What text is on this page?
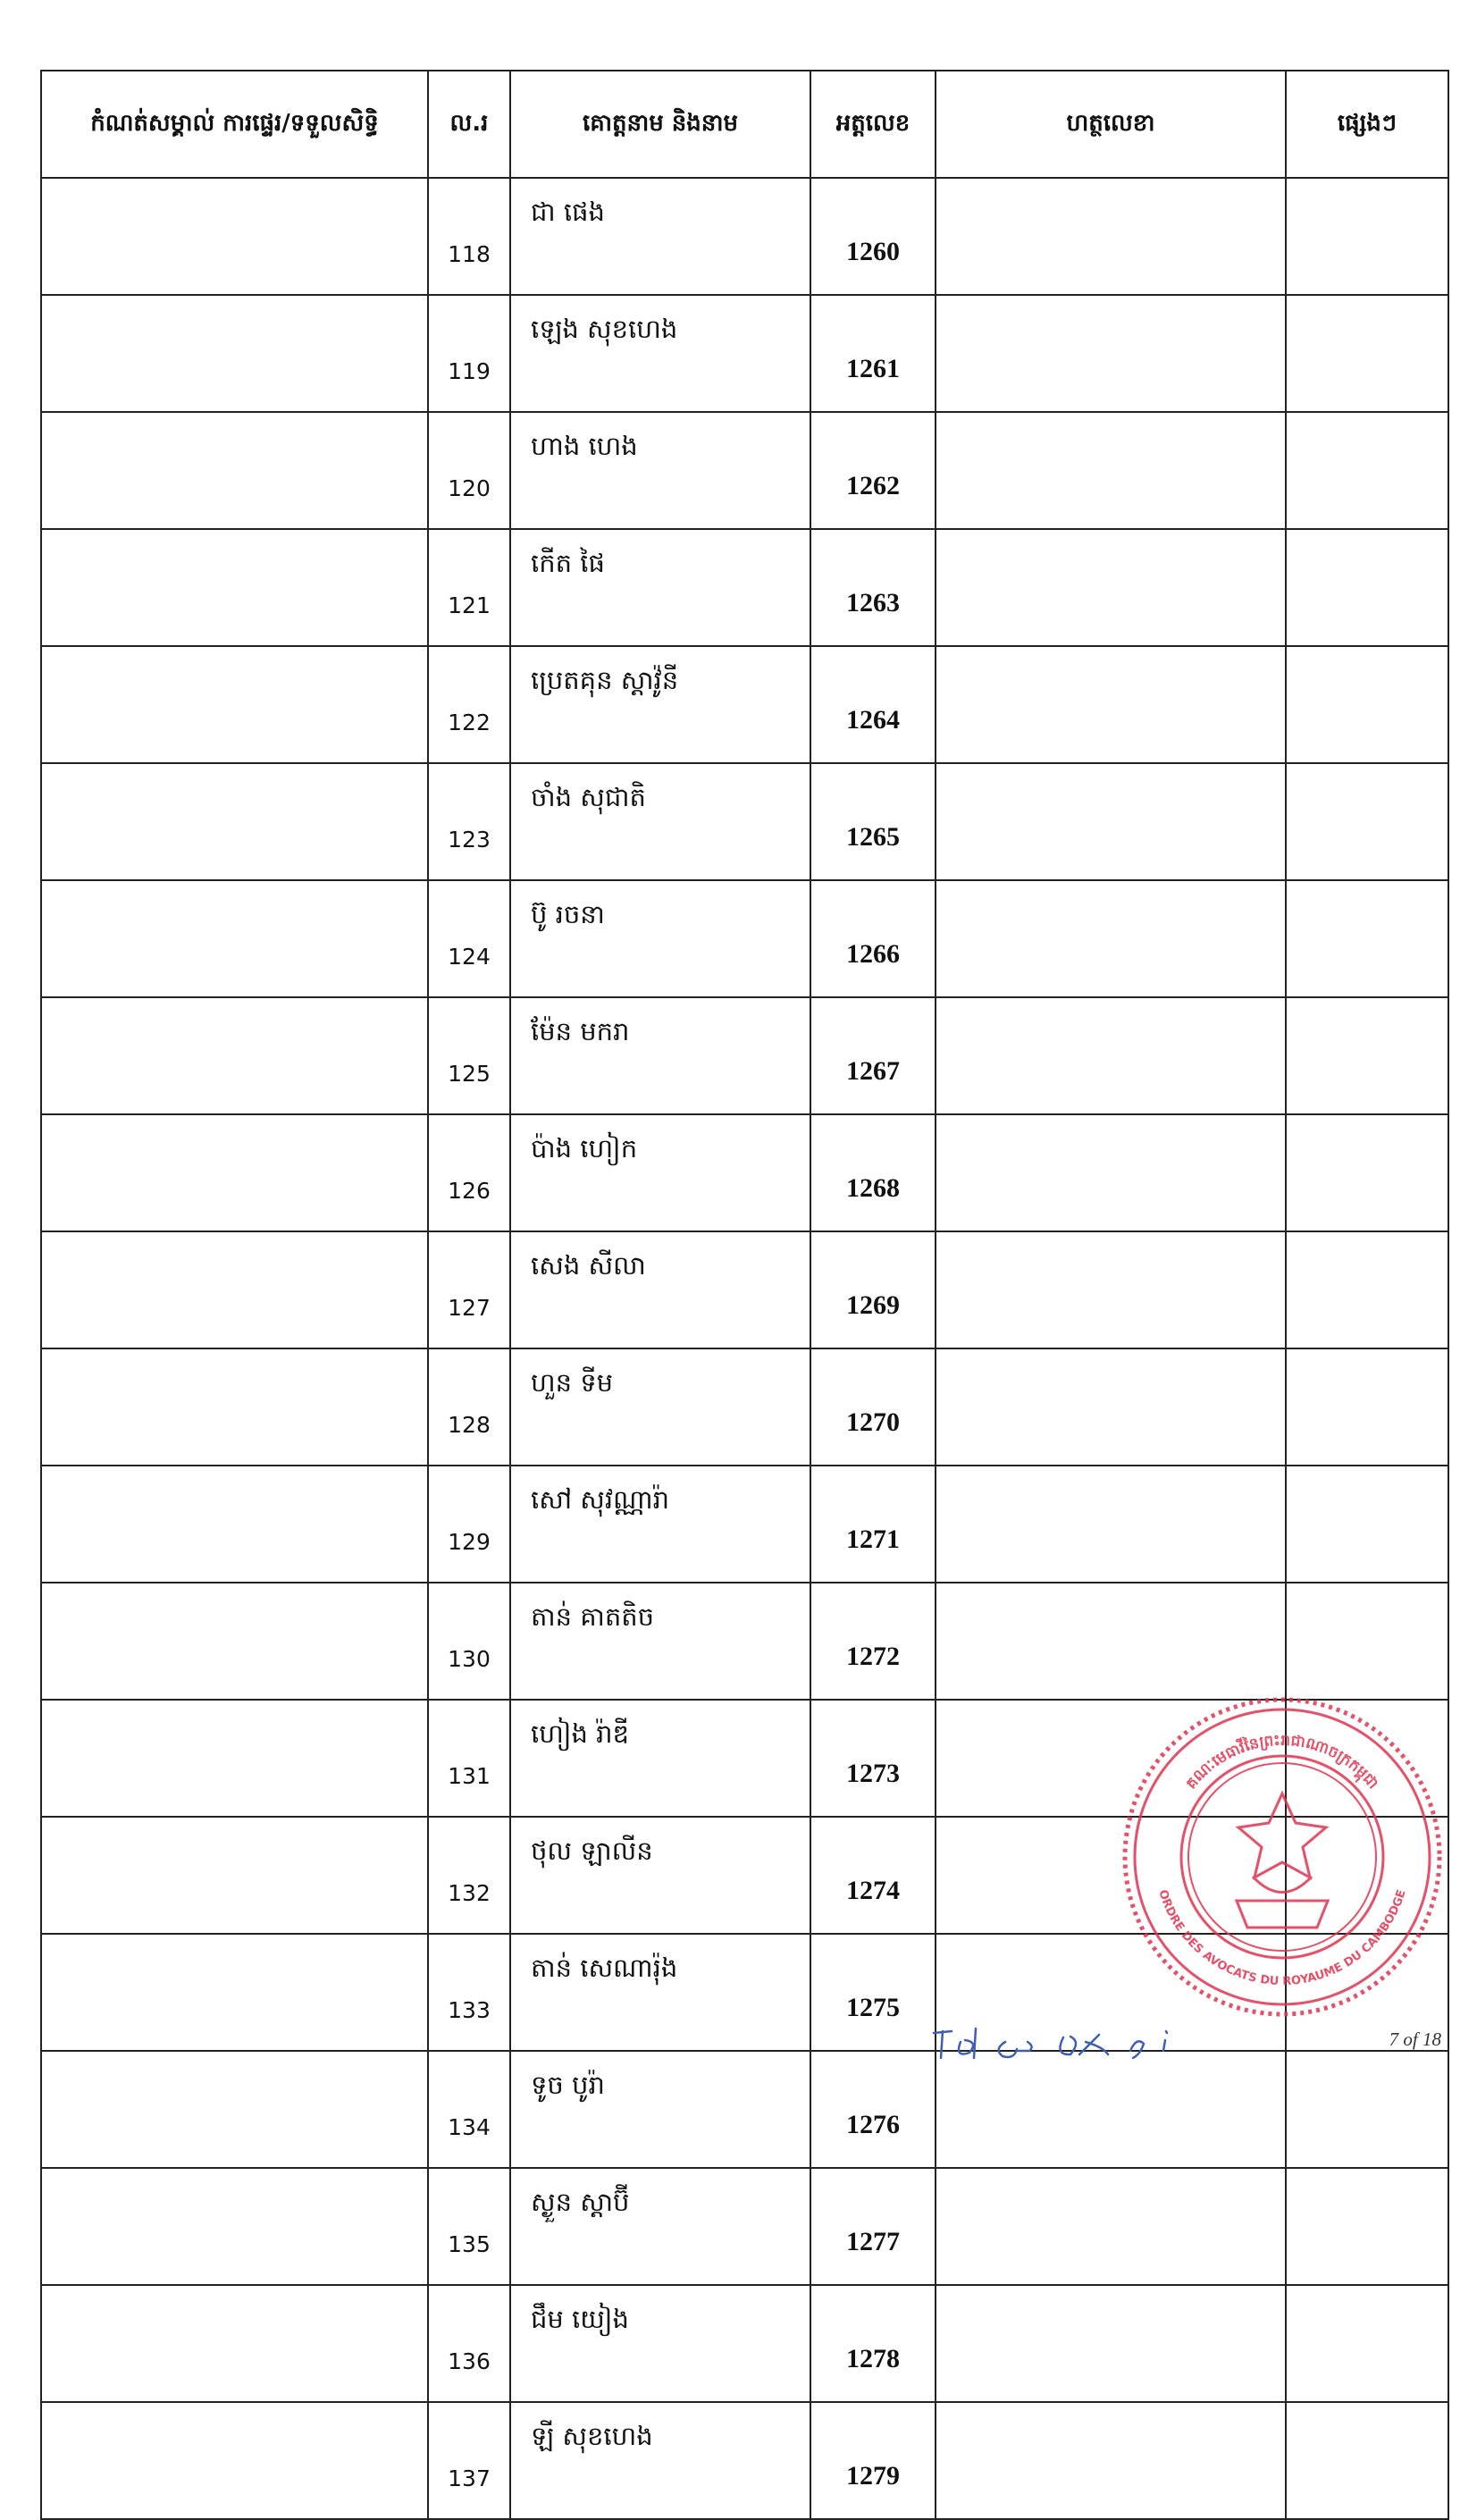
កំណត់សម្គាល់ ការផ្ទេរ/ទទួលសិទ្ធិ	ល.រ	គោត្តនាម និងនាម	អត្តលេខ	ហត្ថលេខា	ផ្សេងៗ
	118	ជា ផេង	1260		
	119	ឡេង សុខហេង	1261		
	120	ហាង ហេង	1262		
	121	កើត ផៃ	1263		
	122	ប្រេតគុន ស្តាវ៉ូនី	1264		
	123	ចាំង សុជាតិ	1265		
	124	ប៊ូ រចនា	1266		
	125	ម៉ែន មករា	1267		
	126	ប៉ាង ហៀក	1268		
	127	សេង សីលា	1269		
	128	ហួន ទីម	1270		
	129	សៅ សុវណ្ណារ៉ា	1271		
	130	តាន់ គាតតិច	1272		
	131	ហៀង រ៉ាឌី	1273		
	132	ថុល ឡាលីន	1274		
	133	តាន់ សេណារ៉ុង	1275		
	134	ទូច បូរ៉ា	1276		
	135	ស្ងួន ស្តាប៊ី	1277		
	136	ជឹម យៀង	1278		
	137	ឡី សុខហេង	1279		
គណៈមេធាវីនៃព្រះរាជាណាចក្រកម្ពុជា
ORDRE DES AVOCATS DU ROYAUME DU CAMBODGE
7 of 18
